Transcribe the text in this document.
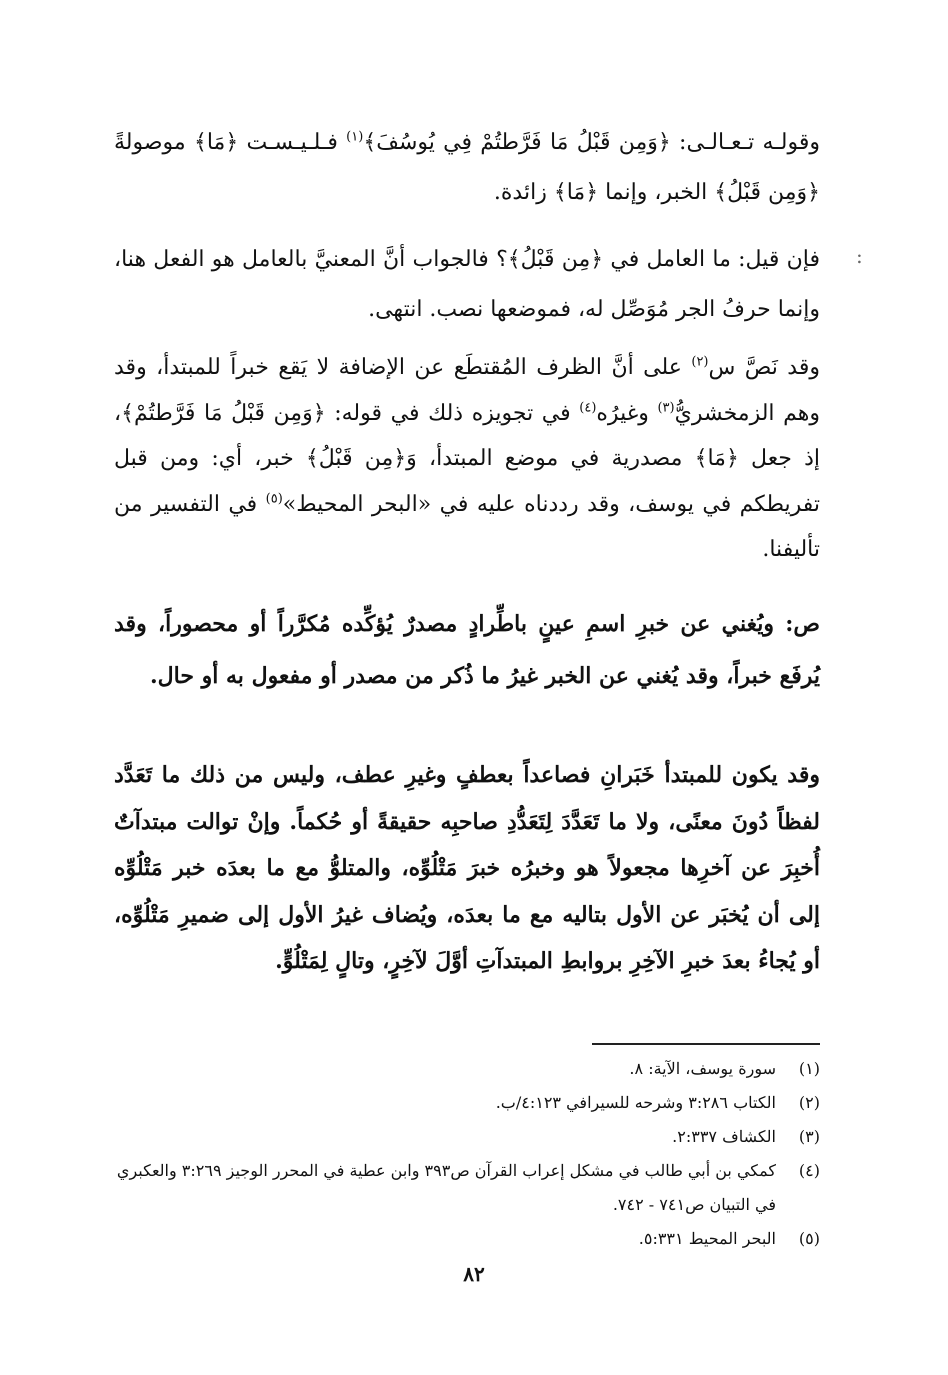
وقولـه تـعـالـى: ﴿وَمِن قَبْلُ مَا فَرَّطتُمْ فِي يُوسُفَ﴾$^{(١)}$ فـلـيـسـت ﴿مَا﴾ موصولةً ﴿وَمِن قَبْلُ﴾ الخبر، وإنما ﴿مَا﴾ زائدة.

:

فإن قيل: ما العامل في ﴿مِن قَبْلُ﴾؟ فالجواب أنَّ المعنيَّ بالعامل هو الفعل هنا، وإنما حرفُ الجر مُوَصِّل له، فموضعها نصب. انتهى.

وقد نَصَّ س$^{(٢)}$ على أنَّ الظرف المُقتطَع عن الإضافة لا يَقع خبراً للمبتدأ، وقد وهم الزمخشريُّ$^{(٣)}$ وغيرُه$^{(٤)}$ في تجويزه ذلك في قوله: ﴿وَمِن قَبْلُ مَا فَرَّطتُمْ﴾، إذ جعل ﴿مَا﴾ مصدرية في موضع المبتدأ، وَ﴿مِن قَبْلُ﴾ خبر، أي: ومن قبل تفريطكم في يوسف، وقد رددناه عليه في «البحر المحيط»$^{(٥)}$ في التفسير من تأليفنا.

ص: ويُغني عن خبرِ اسمِ عينٍ باطِّرادٍ مصدرٌ يُؤكِّده مُكرَّراً أو محصوراً، وقد يُرفَع خبراً، وقد يُغني عن الخبر غيرُ ما ذُكر من مصدر أو مفعول به أو حال.

وقد يكون للمبتدأ خَبَرانِ فصاعداً بعطفٍ وغيرِ عطف، وليس من ذلك ما تَعَدَّد لفظاً دُونَ معنًى، ولا ما تَعَدَّدَ لِتَعَدُّدِ صاحبِه حقيقةً أو حُكماً. وإنْ توالت مبتدآتٌ أُخبِرَ عن آخرِها مجعولاً هو وخبرُه خبرَ مَتْلُوِّه، والمتلوُّ مع ما بعدَه خبر مَتْلُوِّه إلى أن يُخبَر عن الأول بتاليه مع ما بعدَه، ويُضاف غيرُ الأول إلى ضميرِ مَتْلُوِّه، أو يُجاءُ بعدَ خبرِ الآخِرِ بروابطِ المبتدآتِ أوَّلَ لآخِرٍ، وتالٍ لِمَتْلُوٍّ.

(١)
سورة يوسف، الآية: ٨.
(٢)
الكتاب ٣:٢٨٦ وشرحه للسيرافي ٤:١٢٣/ب.
(٣)
الكشاف ٢:٣٣٧.
(٤)
كمكي بن أبي طالب في مشكل إعراب القرآن ص٣٩٣ وابن عطية في المحرر الوجيز ٣:٢٦٩ والعكبري في التبيان ص٧٤١ - ٧٤٢.
(٥)
البحر المحيط ٥:٣٣١.
٨٢
